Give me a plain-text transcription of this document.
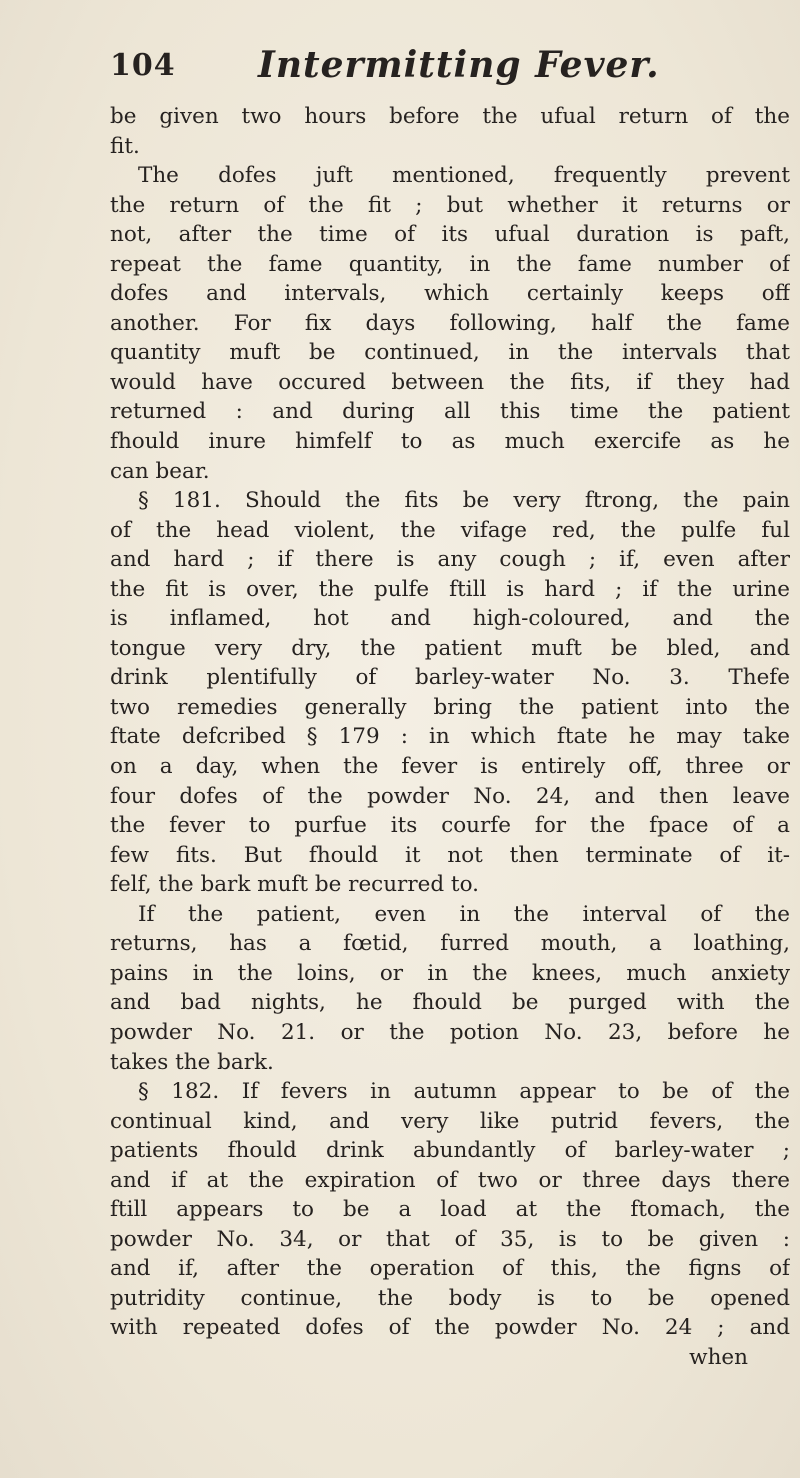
104 Intermitting Fever.
be given two hours before the ufual return of the
fit.
The dofes juft mentioned, frequently prevent
the return of the fit ; but whether it returns or
not, after the time of its ufual duration is paft,
repeat the fame quantity, in the fame number of
dofes and intervals, which certainly keeps off
another. For fix days following, half the fame
quantity muft be continued, in the intervals that
would have occured between the fits, if they had
returned : and during all this time the patient
fhould inure himfelf to as much exercife as he
can bear.
§ 181. Should the fits be very ftrong, the pain
of the head violent, the vifage red, the pulfe ful
and hard ; if there is any cough ; if, even after
the fit is over, the pulfe ftill is hard ; if the urine
is inflamed, hot and high-coloured, and the
tongue very dry, the patient muft be bled, and
drink plentifully of barley-water No. 3. Thefe
two remedies generally bring the patient into the
ftate defcribed § 179 : in which ftate he may take
on a day, when the fever is entirely off, three or
four dofes of the powder No. 24, and then leave
the fever to purfue its courfe for the fpace of a
few fits. But fhould it not then terminate of it-
felf, the bark muft be recurred to.
If the patient, even in the interval of the
returns, has a fœtid, furred mouth, a loathing,
pains in the loins, or in the knees, much anxiety
and bad nights, he fhould be purged with the
powder No. 21. or the potion No. 23, before he
takes the bark.
§ 182. If fevers in autumn appear to be of the
continual kind, and very like putrid fevers, the
patients fhould drink abundantly of barley-water ;
and if at the expiration of two or three days there
ftill appears to be a load at the ftomach, the
powder No. 34, or that of 35, is to be given :
and if, after the operation of this, the figns of
putridity continue, the body is to be opened
with repeated dofes of the powder No. 24 ; and
when
